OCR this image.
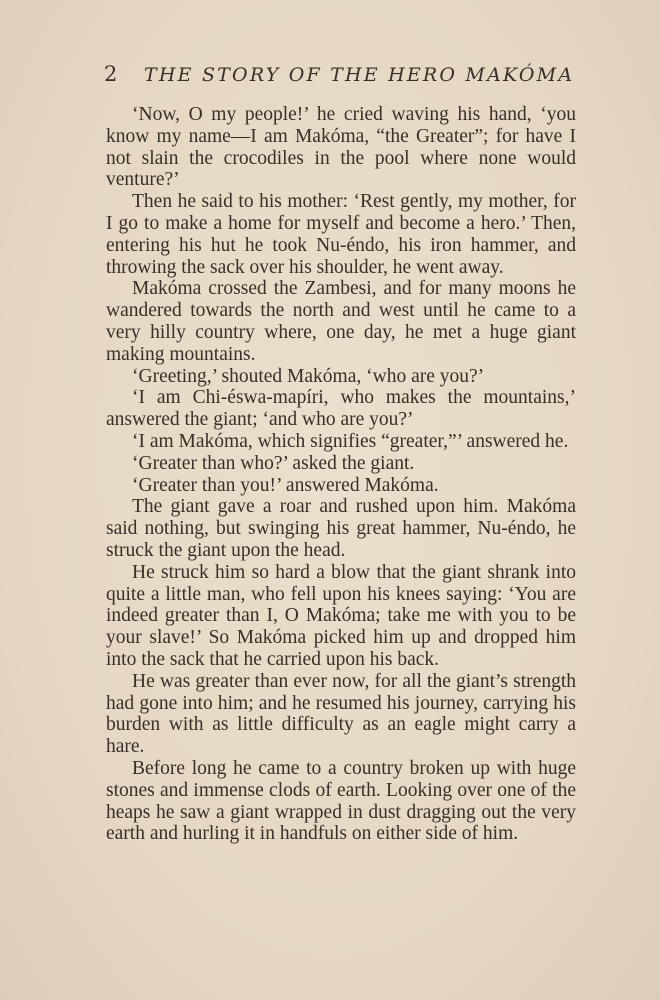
2 THE STORY OF THE HERO MAKÓMA

‘Now, O my people!’ he cried waving his hand, ‘you know my name—I am Makóma, “the Greater”; for have I not slain the crocodiles in the pool where none would venture?’

Then he said to his mother: ‘Rest gently, my mother, for I go to make a home for myself and become a hero.’ Then, entering his hut he took Nu-éndo, his iron hammer, and throwing the sack over his shoulder, he went away.

Makóma crossed the Zambesi, and for many moons he wandered towards the north and west until he came to a very hilly country where, one day, he met a huge giant making mountains.

‘Greeting,’ shouted Makóma, ‘who are you?’

‘I am Chi-éswa-mapíri, who makes the mountains,’ answered the giant; ‘and who are you?’

‘I am Makóma, which signifies “greater,”’ answered he.

‘Greater than who?’ asked the giant.

‘Greater than you!’ answered Makóma.

The giant gave a roar and rushed upon him. Makóma said nothing, but swinging his great hammer, Nu-éndo, he struck the giant upon the head.

He struck him so hard a blow that the giant shrank into quite a little man, who fell upon his knees saying: ‘You are indeed greater than I, O Makóma; take me with you to be your slave!’ So Makóma picked him up and dropped him into the sack that he carried upon his back.

He was greater than ever now, for all the giant’s strength had gone into him; and he resumed his journey, carrying his burden with as little difficulty as an eagle might carry a hare.

Before long he came to a country broken up with huge stones and immense clods of earth. Looking over one of the heaps he saw a giant wrapped in dust dragging out the very earth and hurling it in handfuls on either side of him.
